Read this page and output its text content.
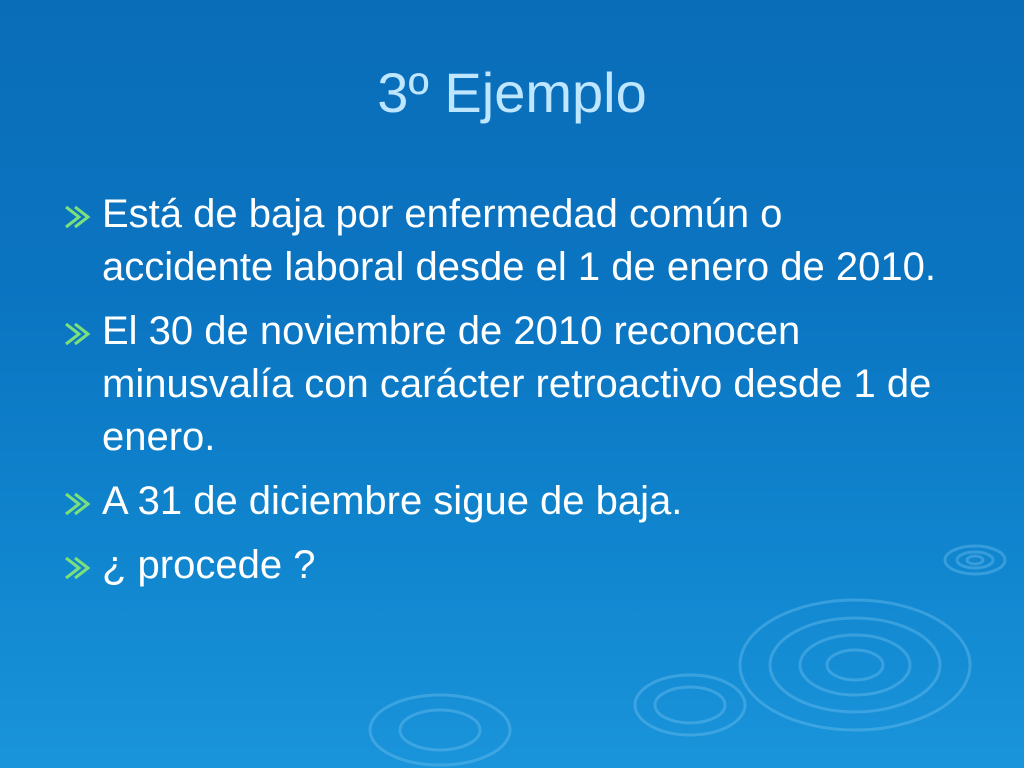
3º Ejemplo
Está de baja por enfermedad común o accidente laboral desde el 1 de enero de 2010.
El 30 de noviembre de 2010 reconocen minusvalía con carácter retroactivo desde 1 de enero.
A 31 de diciembre sigue de baja.
¿ procede ?
